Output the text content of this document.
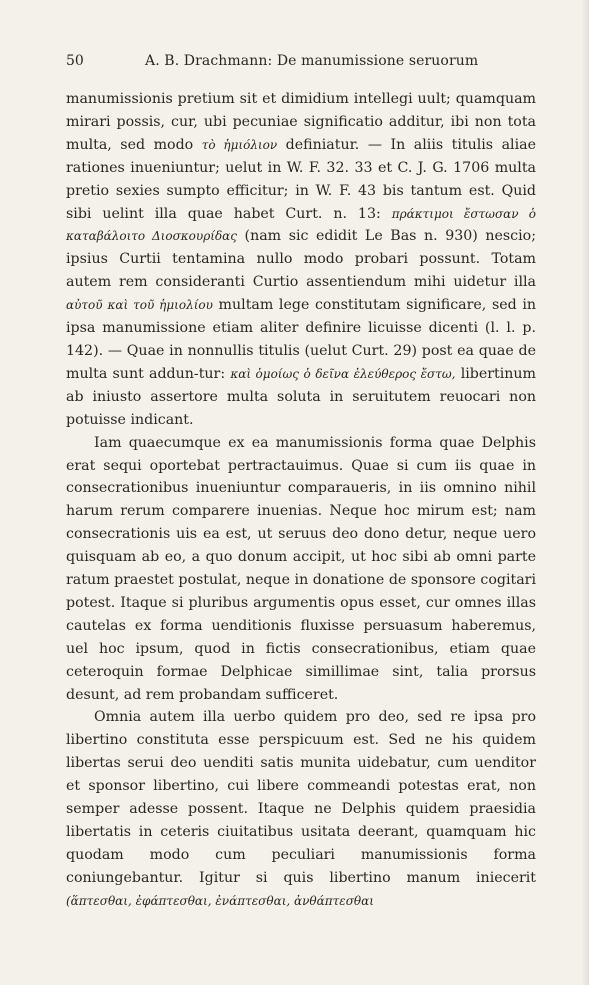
50	A. B. Drachmann: De manumissione seruorum

manumissionis pretium sit et dimidium intellegi uult; quamquam mirari possis, cur, ubi pecuniae significatio additur, ibi non tota multa, sed modo τὸ ἡμιόλιον definiatur. — In aliis titulis aliae rationes inueniuntur; uelut in W. F. 32. 33 et C. J. G. 1706 multa pretio sexies sumpto efficitur; in W. F. 43 bis tantum est. Quid sibi uelint illa quae habet Curt. n. 13: πράκτιμοι ἔστωσαν ὁ καταβάλοιτο Διοσκουρίδας (nam sic edidit Le Bas n. 930) nescio; ipsius Curtii tentamina nullo modo probari possunt. Totam autem rem consideranti Curtio assentiendum mihi uidetur illa αὐτοῦ καὶ τοῦ ἡμιολίου multam lege constitutam significare, sed in ipsa manumissione etiam aliter definire licuisse dicenti (l. l. p. 142). — Quae in nonnullis titulis (uelut Curt. 29) post ea quae de multa sunt addun-tur: καὶ ὁμοίως ὁ δεῖνα ἐλεύθερος ἔστω, libertinum ab iniusto assertore multa soluta in seruitutem reuocari non potuisse indicant.

Iam quaecumque ex ea manumissionis forma quae Delphis erat sequi oportebat pertractauimus. Quae si cum iis quae in consecrationibus inueniuntur comparaueris, in iis omnino nihil harum rerum comparere inuenias. Neque hoc mirum est; nam consecrationis uis ea est, ut seruus deo dono detur, neque uero quisquam ab eo, a quo donum accipit, ut hoc sibi ab omni parte ratum praestet postulat, neque in donatione de sponsore cogitari potest. Itaque si pluribus argumentis opus esset, cur omnes illas cautelas ex forma uenditionis fluxisse persuasum haberemus, uel hoc ipsum, quod in fictis consecrationibus, etiam quae ceteroquin formae Delphicae simillimae sint, talia prorsus desunt, ad rem probandam sufficeret.

Omnia autem illa uerbo quidem pro deo, sed re ipsa pro libertino constituta esse perspicuum est. Sed ne his quidem libertas serui deo uenditi satis munita uidebatur, cum uenditor et sponsor libertino, cui libere commeandi potestas erat, non semper adesse possent. Itaque ne Delphis quidem praesidia libertatis in ceteris ciuitatibus usitata deerant, quamquam hic quodam modo cum peculiari manumissionis forma coniungebantur. Igitur si quis libertino manum iniecerit (ἅπτεσθαι, ἐφάπτεσθαι, ἐνάπτεσθαι, ἀνθάπτεσθαι
